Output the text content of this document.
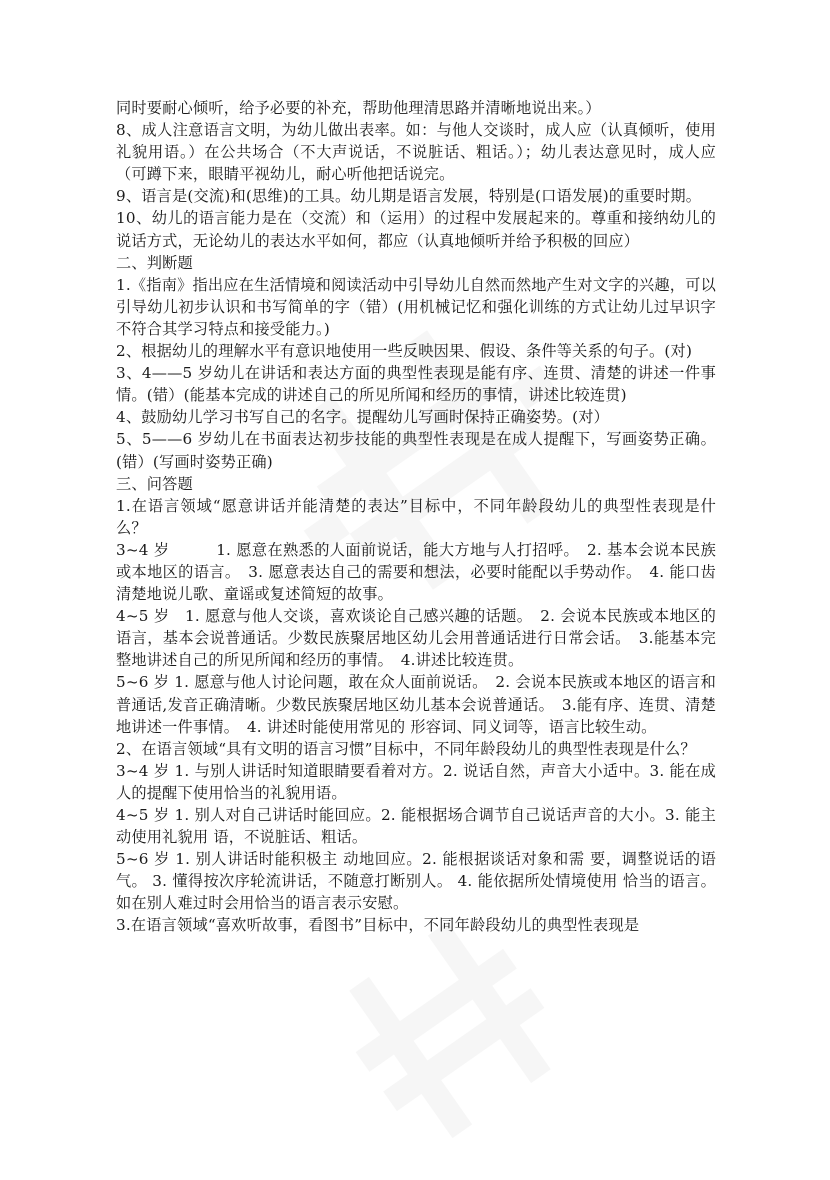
同时要耐心倾听，给予必要的补充，帮助他理清思路并清晰地说出来。）

8、成人注意语言文明，为幼儿做出表率。如：与他人交谈时，成人应（认真倾听，使用礼貌用语。）在公共场合（不大声说话，不说脏话、粗话。）；幼儿表达意见时，成人应（可蹲下来，眼睛平视幼儿，耐心听他把话说完。

9、语言是(交流)和(思维)的工具。幼儿期是语言发展，特别是(口语发展)的重要时期。

10、幼儿的语言能力是在（交流）和（运用）的过程中发展起来的。尊重和接纳幼儿的说话方式，无论幼儿的表达水平如何，都应（认真地倾听并给予积极的回应）

二、判断题

1.《指南》指出应在生活情境和阅读活动中引导幼儿自然而然地产生对文字的兴趣，可以引导幼儿初步认识和书写简单的字（错）(用机械记忆和强化训练的方式让幼儿过早识字不符合其学习特点和接受能力。)

2、根据幼儿的理解水平有意识地使用一些反映因果、假设、条件等关系的句子。(对)

3、4——5 岁幼儿在讲话和表达方面的典型性表现是能有序、连贯、清楚的讲述一件事情。(错）(能基本完成的讲述自己的所见所闻和经历的事情，讲述比较连贯)

4、鼓励幼儿学习书写自己的名字。提醒幼儿写画时保持正确姿势。(对）

5、5——6 岁幼儿在书面表达初步技能的典型性表现是在成人提醒下，写画姿势正确。(错）(写画时姿势正确)

三、问答题

1.在语言领域“愿意讲话并能清楚的表达”目标中，不同年龄段幼儿的典型性表现是什么？

3~4 岁　　　1. 愿意在熟悉的人面前说话，能大方地与人打招呼。　2. 基本会说本民族或本地区的语言。　3. 愿意表达自己的需要和想法，必要时能配以手势动作。　4. 能口齿清楚地说儿歌、童谣或复述简短的故事。

4~5 岁　1. 愿意与他人交谈，喜欢谈论自己感兴趣的话题。　2. 会说本民族或本地区的语言，基本会说普通话。少数民族聚居地区幼儿会用普通话进行日常会话。　3.能基本完整地讲述自己的所见所闻和经历的事情。　4.讲述比较连贯。

5~6 岁 1. 愿意与他人讨论问题，敢在众人面前说话。　2. 会说本民族或本地区的语言和普通话,发音正确清晰。少数民族聚居地区幼儿基本会说普通话。　3.能有序、连贯、清楚地讲述一件事情。　4. 讲述时能使用常见的 形容词、同义词等，语言比较生动。

2、在语言领域“具有文明的语言习惯”目标中，不同年龄段幼儿的典型性表现是什么？

3~4 岁 1. 与别人讲话时知道眼睛要看着对方。2. 说话自然，声音大小适中。3. 能在成人的提醒下使用恰当的礼貌用语。

4~5 岁 1. 别人对自己讲话时能回应。2. 能根据场合调节自己说话声音的大小。3. 能主动使用礼貌用 语，不说脏话、粗话。

5~6 岁 1. 别人讲话时能积极主 动地回应。2. 能根据谈话对象和需 要，调整说话的语气。 3. 懂得按次序轮流讲话，不随意打断别人。 4. 能依据所处情境使用 恰当的语言。如在别人难过时会用恰当的语言表示安慰。

3.在语言领域“喜欢听故事，看图书”目标中，不同年龄段幼儿的典型性表现是
